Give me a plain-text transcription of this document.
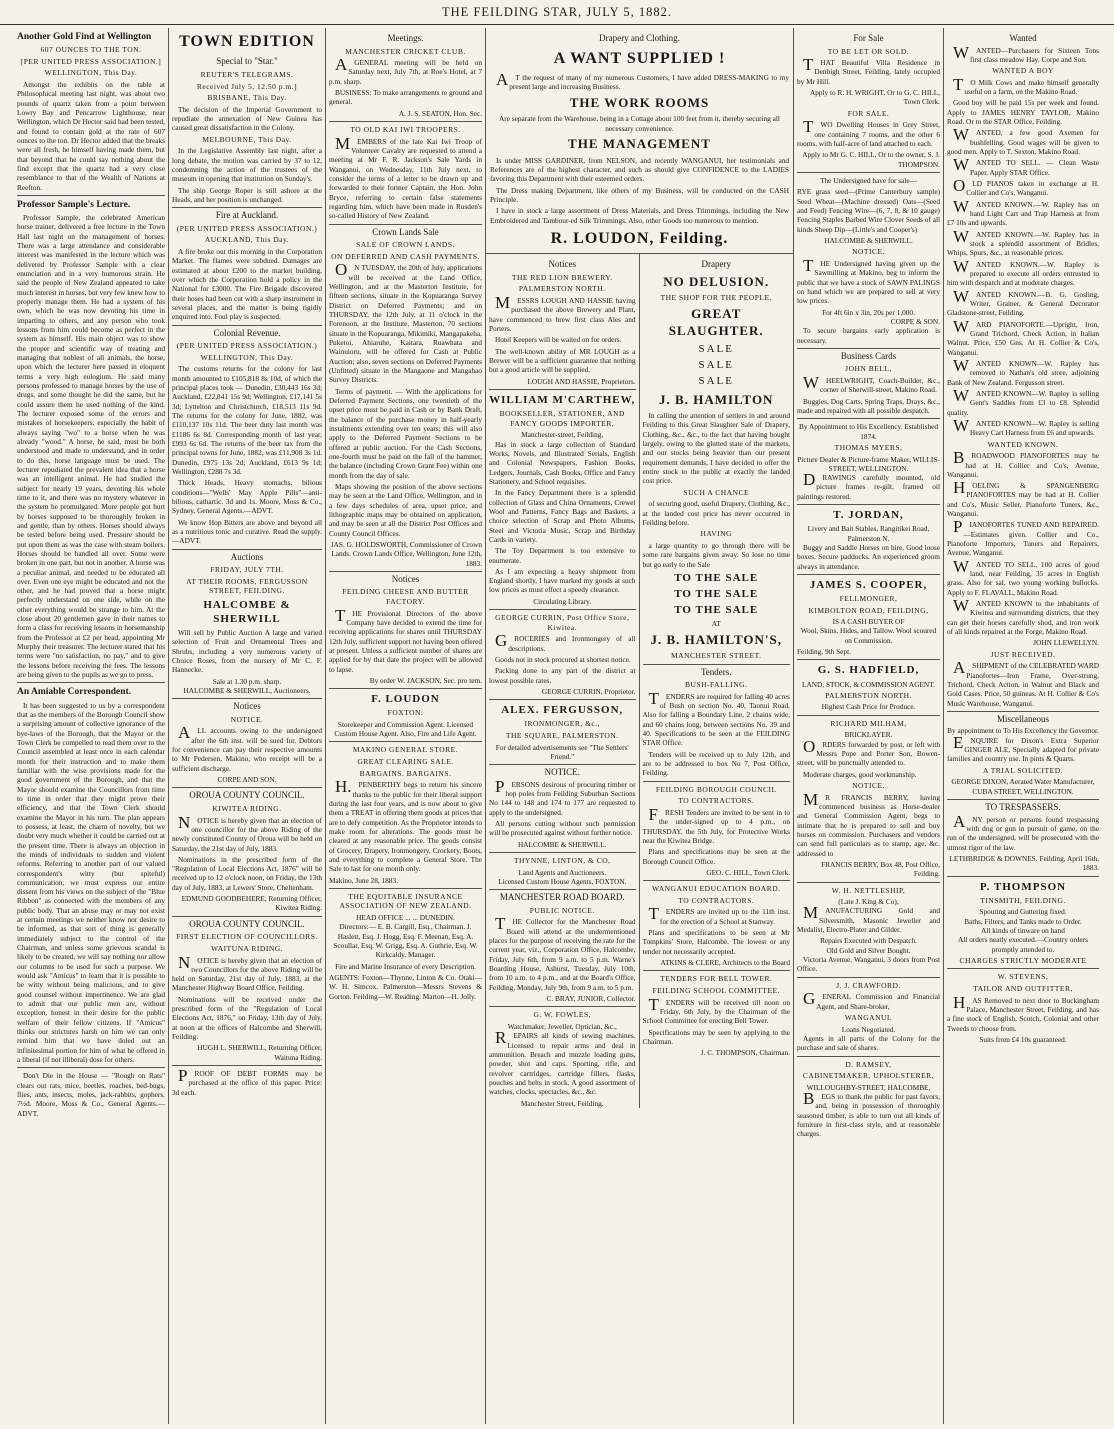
THE FEILDING STAR, JULY 5, 1882.
Another Gold Find at Wellington
607 OUNCES TO THE TON.
[PER UNITED PRESS ASSOCIATION.]
WELLINGTON, This Day.

Amongst the exhibits on the table at Philosophical meeting last night, was about two pounds of quartz taken from a point between Lowry Bay and Pencarrow Lighthouse, near Wellington, which Dr Hector said had been tested, and found to contain gold at the rate of 607 ounces to the ton. Dr Hector added that the breaks were all fresh, he himself having made them, but that beyond that he could say nothing about the find except that the quartz had a very close resemblance to that of the Wealth of Nations at Reefton.

Professor Sample's Lecture.

Professor Sample, the celebrated American horse trainer, delivered a free lecture in the Town Hall last night on the management of horses. There was a large attendance and considerable interest was manifested in the lecture which was delivered by Professor Sample with a clear enunciation and in a very humorous strain. He said the people of New Zealand appeared to take much interest in horses, but very few knew how to properly manage them. He had a system of his own, which he was now devoting his time in imparting to others, and any person who took lessons from him could become as perfect in the system as himself. His main object was to show the proper and scientific way of treating and managing that noblest of all animals, the horse, upon which the lecturer here passed in eloquent terms a very high eulogium. He said many persons professed to manage horses by the use of drugs, and some thought he did the same, but he could assure them he used nothing of the kind. The lecturer exposed some of the errors and mistakes of horsekeepers, especially the habit of always saying "wo" to a horse when he was already "wood." A horse, he said, must be both understood and made to understand, and in order to do this, horse language must be used. The lecturer repudiated the prevalent idea that a horse was an intelligent animal. He had studied the subject for nearly 19 years, devoting his whole time to it, and there was no mystery whatever in the system he promulgated. More people got hurt by horses supposed to be thoroughly broken in and gentle, than by others. Horses should always be tested before being used. Pressure should be put upon them as was the case with steam boilers. Horses should be handled all over. Some were broken in one part, but not in another. A horse was a peculiar animal, and needed to be educated all over. Even one eye might be educated and not the other, and he had proved that a horse might perfectly understand on one side, while on the other everything would be strange to him. At the close about 20 gentlemen gave in their names to form a class for receiving lessons in horsemanship from the Professor at £2 per head, appointing Mr Murphy their treasurer. The lecturer stated that his terms were "no satisfaction, no pay," and to give the lessons before receiving the fees. The lessons are being given to the pupils as we go to press.

An Amiable Correspondent.

It has been suggested to us by a correspondent that as the members of the Borough Council show a surprising amount of collective ignorance of the bye-laws of the Borough, that the Mayor or the Town Clerk be compelled to read them over to the Council assembled at least once in each calendar month for their instruction and to make them familiar with the wise provisions made for the good government of the Borough, and that the Mayor should examine the Councillors from time to time in order that they might prove their efficiency, and that the Town Clerk should examine the Mayor in his turn. The plan appears to possess, at least, the charm of novelty, but we doubt very much whether it could be carried out at the present time. There is always an objection in the minds of individuals to sudden and violent reforms. Referring to another part of our valued correspondent's witty (but spiteful) communication, we must express our entire dissent from his views on the subject of the "Blue Ribbon" as connected with the members of any public body. That an abuse may or may not exist at certain meetings we neither know nor desire to be informed, as that sort of thing is generally immediately subject to the control of the Chairman, and unless some grievous scandal is likely to be created, we will say nothing nor allow our columns to be used for such a purpose. We would ask "Amicus" to learn that it is possible to be witty without being malicious, and to give good counsel without impertinence. We are glad to admit that our public men are, without exception, honest in their desire for the public welfare of their fellow citizens. If "Amicus" thinks our strictures harsh on him we can only remind him that we have doled out an infinitesimal portion for him of what he offered in a liberal (if not illiberal) dose for others.

Don't Die in the House — "Rough on Rats" clears out rats, mice, beetles, roaches, bed-bugs, flies, ants, insects, moles, jack-rabbits, gophers. 7½d. Moore, Moss & Co., General Agents.—ADVT.

TOWN EDITION
Special to "Star."
REUTER'S TELEGRAMS.
Received July 5, 12.50 p.m.]
BRISBANE, This Day.

The decision of the Imperial Government to repudiate the annexation of New Guinea has caused great dissatisfaction in the Colony.

MELBOURNE, This Day.

In the Legislative Assembly last night, after a long debate, the motion was carried by 37 to 12, condemning the action of the trustees of the museum in opening that institution on Sunday's.

The ship George Roper is still ashore at the Heads, and her position is unchanged.

Fire at Auckland.
(PER UNITED PRESS ASSOCIATION.)
AUCKLAND, This Day.

A fire broke out this morning in the Corporation Market. The flames were subdued. Damages are estimated at about £200 to the market building, over which the Corporation hold a policy in the National for £3000. The Fire Brigade discovered their hoses had been cut with a sharp instrument in several places, and the matter is being rigidly enquired into. Foul play is suspected.

Colonial Revenue.
(PER UNITED PRESS ASSOCIATION.)
WELLINGTON, This Day.

The customs returns for the colony for last month amounted to £105,818 8s 10d, of which the principal places took — Dunedin, £30,443 16s 3d; Auckland, £22,841 15s 9d; Wellington, £17,141 5s 3d; Lyttelton and Christchurch, £18,513 11s 9d. The returns for the colony for June, 1882, was £110,137 10s 11d. The beer duty last month was £1186 6s 8d. Corresponding month of last year, £993 6s 6d. The returns of the beer tax from the principal towns for June, 1882, was £11,908 3s 1d. Dunedin, £975 13s 2d; Auckland, £613 9s 1d; Wellington, £288 7s 3d.

Thick Heads, Heavy stomachs, bilious conditions—"Wells' May Apple Pills"—anti-bilious, cathartic. 3d and 1s. Moore, Moss & Co., Sydney, General Agents.—ADVT.

We know Hop Bitters are above and beyond all as a nutritious tonic and curative. Read the supply.—ADVT.

Auctions
FRIDAY, JULY 7TH.
AT THEIR ROOMS, FERGUSSON STREET, FEILDING.
HALCOMBE & SHERWILL

Will sell by Public Auction A large and varied selection of Fruit and Ornamental Trees and Shrubs, including a very numerous variety of Choice Roses, from the nursery of Mr C. F. Hannecke.

Sale at 1.30 p.m. sharp.
HALCOMBE & SHERWILL, Auctioneers.
Notices
NOTICE.

ALL accounts owing to the undersigned after the 6th inst. will be sued for. Debtors for convenience can pay their respective amounts to Mr Pedersen, Makino, who receipt will be a sufficient discharge.

CORPE AND SON.
OROUA COUNTY COUNCIL.
KIWITEA RIDING.

NOTICE is hereby given that an election of one councillor for the above Riding of the newly constituted County of Oroua will be held on Saturday, the 21st day of July, 1883.

Nominations in the prescribed form of the "Regulation of Local Elections Act, 1876" will be received up to 12 o'clock noon, on Friday, the 13th day of July, 1883, at Lewers' Store, Cheltenham.

EDMUND GOODBEHERE, Returning Officer, Kiwitea Riding.
OROUA COUNTY COUNCIL.
FIRST ELECTION OF COUNCILLORS.
WAITUNA RIDING.

NOTICE is hereby given that an election of two Councillors for the above Riding will be held on Saturday, 21st day of July, 1883, at the Manchester Highway Board Office, Feilding.

Nominations will be received under the prescribed form of the "Regulation of Local Elections Act, 1876," on Friday, 13th day of July, at noon at the offices of Halcombe and Sherwill, Feilding.

HUGH L. SHERWILL, Returning Officer, Waituna Riding.

PROOF OF DEBT FORMS may be purchased at the office of this paper. Price: 3d each.

Meetings.
MANCHESTER CRICKET CLUB.

AGENERAL meeting will be held on Saturday next, July 7th, at Roe's Hotel, at 7 p.m. sharp.

BUSINESS: To make arrangements re ground and general.

A. J. S. SEATON, Hon. Sec.
TO OLD KAI IWI TROOPERS.

MEMBERS of the late Kai Iwi Troop of Volunteer Cavalry are requested to attend a meeting at Mr F. R. Jackson's Sale Yards in Wanganui, on Wednesday, 11th July next, to consider the terms of a letter to be drawn up and forwarded to their former Captain, the Hon. John Bryce, referring to certain false statements regarding him, which have been made in Rusden's so-called History of New Zealand.

Crown Lands Sale
SALE OF CROWN LANDS.
ON DEFERRED AND CASH PAYMENTS.

ON TUESDAY, the 20th of July, applications will be received at the Land Office, Wellington, and at the Masterton Institute, for fifteen sections, situate in the Kopuaranga Survey District on Deferred Payments; and on THURSDAY, the 12th July, at 11 o'clock in the Forenoon, at the Institute, Masterton, 70 sections situate in the Kopuaranga, Mikimiki, Mangapakeha, Puketoi, Ahiaruhe, Kaitara, Ruawhata and Wainuioru, will be offered for Cash at Public Auction; also, seven sections on Deferred Payments (Unfitted) situate in the Mangaone and Mangahao Survey Districts.

Terms of payment. — With the applications for Deferred Payment Sections, one twentieth of the upset price must be paid in Cash or by Bank Draft, the balance of the purchase money in half-yearly instalments extending over ten years; this will also apply to the Deferred Payment Sections to be offered at public auction. For the Cash Sections, one-fourth must be paid on the fall of the hammer, the balance (including Crown Grant Fee) within one month from the day of sale.

Maps showing the position of the above sections may be seen at the Land Office, Wellington, and in a few days schedules of area, upset price, and lithographic maps may be obtained on application, and may be seen at all the District Post Offices and County Council Offices.

JAS. G. HOLDSWORTH, Commissioner of Crown Lands. Crown Lands Office, Wellington, June 12th, 1883.
Notices
FEILDING CHEESE AND BUTTER FACTORY.

THE Provisional Directors of the above Company have decided to extend the time for receiving applications for shares until THURSDAY 12th July, sufficient support not having been offered at present. Unless a sufficient number of shares are applied for by that date the project will be allowed to lapse.

By order W. JACKSON, Sec. pro tem.
F. LOUDON
FOXTON.

Storekeeper and Commission Agent. Licensed Custom House Agent. Also, Fire and Life Agent.

MAKINO GENERAL STORE.
GREAT CLEARING SALE.
BARGAINS. BARGAINS.

H.PENBERTHY begs to return his sincere thanks to the public for their liberal support during the last four years, and is now about to give them a TREAT in offering them goods at prices that are to defy competition. As the Proprietor intends to make room for alterations. The goods must be cleared at any reasonable price. The goods consist of Grocery, Drapery, Ironmongery, Crockery, Boots, and everything to complete a General Store. The Sale to last for one month only.

Makino, June 28, 1883.
THE EQUITABLE INSURANCE ASSOCIATION OF NEW ZEALAND.
HEAD OFFICE ... ... DUNEDIN.

Directors:— E. B. Cargill, Esq., Chairman. J. Haslett, Esq. J. Hogg, Esq. F. Meenan, Esq. A. Scoullar, Esq. W. Grigg, Esq. A. Guthrie, Esq. W. Kirkcaldy, Manager.

Fire and Marine Insurance of every Description.

AGENTS: Foxton—Thynne, Linton & Co. Otaki—W. H. Simcox. Palmerston—Messrs Stevens & Gorton. Feilding—W. Reading. Marton—H. Jolly.

Drapery and Clothing.
A WANT SUPPLIED !

AT the request of many of my numerous Customers, I have added DRESS-MAKING to my present large and increasing Business.

THE WORK ROOMS

Are separate from the Warehouse, being in a Cottage about 100 feet from it, thereby securing all necessary convenience.

THE MANAGEMENT

Is under MISS GARDINER, from NELSON, and recently WANGANUI, her testimonials and References are of the highest character, and such as should give CONFIDENCE to the LADIES favoring this Department with their esteemed orders.

The Dress making Department, like others of my Business, will be conducted on the CASH Principle.

I have in stock a large assortment of Dress Materials, and Dress Trimmings, including the New Embroidered and Tambour-ed Silk Trimmings. Also, other Goods too numerous to mention.

R. LOUDON, Feilding.
Notices
THE RED LION BREWERY.
PALMERSTON NORTH.

MESSRS LOUGH AND HASSIE having purchased the above Brewery and Plant, have commenced to brew first class Ales and Porters.

Hotel Keepers will be waited on for orders.

The well-known ability of MR LOUGH as a Brewer will be a sufficient guarantee that nothing but a good article will be supplied.

LOUGH AND HASSIE, Proprietors.
WILLIAM M'CARTHEW,
BOOKSELLER, STATIONER, AND FANCY GOODS IMPORTER,
Manchester-street, Feilding,

Has in stock a large collection of Standard Works, Novels, and Illustrated Serials, English and Colonial Newspapers, Fashion Books, Ledgers, Journals, Cash Books, Office and Fancy Stationery, and School requisites.

In the Fancy Department there is a splendid collection of Glass and China Ornaments, Crewel Wool and Patterns, Fancy Bags and Baskets, a choice selection of Scrap and Photo Albums, Steel and Victoria Music, Scrap and Birthday Cards in variety.

The Toy Department is too extensive to enumerate.

As I am expecting a heavy shipment from England shortly, I have marked my goods at such low prices as must effect a speedy clearance.

Circulating Library.
GEORGE CURRIN, Post Office Store, Kiwitea.

GROCERIES and Ironmongery of all descriptions.

Goods not in stock procured at shortest notice.

Packing done to any part of the district at lowest possible rates.

GEORGE CURRIN, Proprietor.
ALEX. FERGUSSON,
IRONMONGER, &c.,
THE SQUARE, PALMERSTON.
For detailed advertisements see "The Settlers' Friend."
NOTICE.

PERSONS desirous of procuring timber or hop poles from Feilding Suburban Sections No 144 to 148 and 174 to 177 are requested to apply to the undersigned.

All persons cutting without such permission will be prosecuted against without further notice.

HALCOMBE & SHERWILL.
THYNNE, LINTON, & CO,
Land Agents and Auctioneers.
Licensed Custom House Agents, FOXTON.
MANCHESTER ROAD BOARD.
PUBLIC NOTICE.

THE Collector for the Manchester Road Board will attend at the undermentioned places for the purpose of receiving the rate for the current year, viz., Corporation Office, Halcombe, Friday, July 6th, from 9 a.m. to 5 p.m. Warne's Boarding House, Ashurst, Tuesday, July 10th, from 10 a.m. to 4 p.m., and at the Board's Office, Feilding, Monday, July 9th, from 9 a.m. to 5 p.m.

C. BRAY, JUNIOR, Collector.
G. W. FOWLES,
Watchmaker, Jeweller, Optician, &c.,

REPAIRS all kinds of sewing machines. Licensed to repair arms and deal in ammunition. Breach and muzzle loading guns, powder, shot and caps. Sporting, rifle, and revolver cartridges, cartridge fillers, flasks, pouches and belts in stock. A good assortment of watches, clocks, spectacles, &c., &c.

Manchester Street, Feilding.
Drapery
NO DELUSION.
THE SHOP FOR THE PEOPLE.
GREAT SLAUGHTER.
SALE
SALE
SALE
J. B. HAMILTON

In calling the attention of settlers in and around Feilding to this Great Slaughter Sale of Drapery, Clothing, &c., &c., to the fact that having bought largely, owing to the glutted state of the markets, and our stocks being heavier than our present requirement demands, I have decided to offer the entire stock to the public at exactly the landed cost price.

SUCH A CHANCE

of securing good, useful Drapery, Clothing, &c., at the landed cost price has never occurred in Feilding before.

HAVING

a large quantity to go through there will be some rare bargains given away. So lose no time but go early to the Sale

TO THE SALE
TO THE SALE
TO THE SALE
AT
J. B. HAMILTON'S,
MANCHESTER STREET.
Tenders.
BUSH-FALLING.

TENDERS are required for falling 40 acres of Bush on section No. 40, Taonui Road. Also for falling a Boundary Line, 2 chains wide, and 60 chains long, between sections No. 39 and 40. Specifications to be seen at the FEILDING STAR Office.

Tenders will be received up to July 12th, and are to be addressed to box No 7, Post Office, Feilding.

FEILDING BOROUGH COUNCIL
TO CONTRACTORS.

FRESH Tenders are invited to be sent in to the under-signed up to 4 p.m., on THURSDAY, the 5th July, for Protective Works near the Kiwitea Bridge.

Plans and specifications may be seen at the Borough Council Office.

GEO. C. HILL, Town Clerk.
WANGANUI EDUCATION BOARD.
TO CONTRACTORS.

TENDERS are invited up to the 11th inst. for the erection of a School at Stanway.

Plans and specifications to be seen at Mr Tompkins' Store, Halcombe. The lowest or any tender not necessarily accepted.

ATKINS & CLERE, Architects to the Board
TENDERS FOR BELL TOWER.
FEILDING SCHOOL COMMITTEE.

TENDERS will be received till noon on Friday, 6th July, by the Chairman of the School Committee for erecting Bell Tower.

Specifications may be seen by applying to the Chairman.

J. C. THOMPSON, Chairman.
For Sale
TO BE LET OR SOLD.

THAT Beautiful Villa Residence in Denbigh Street, Feilding, lately occupied by Mr Hill.

Apply to R. H. WRIGHT, Or to G. C. HILL, Town Clerk.
FOR SALE.

TWO Dwelling Houses in Grey Street, one containing 7 rooms, and the other 6 rooms, with half-acre of land attached to each.

Apply to Mr G. C. HILL, Or to the owner, S. J. THOMPSON.

The Undersigned have for sale—

RYE grass seed—(Prime Canterbury sample) Seed Wheat—(Machine dressed) Oats—(Seed and Feed) Fencing Wire—(6, 7, 8, & 10 gauge) Fencing Staples Barbed Wire Clover Seeds of all kinds Sheep Dip—(Little's and Cooper's)

HALCOMBE & SHERWILL.
NOTICE.

THE Undersigned having given up the Sawmilling at Makino, beg to inform the public that we have a stock of SAWN PALINGS on hand which we are prepared to sell at very low prices.

For 4ft 6in x 3in, 20s per 1,000.
CORPE & SON.

To secure bargains early application is necessary.

Business Cards
JOHN BELL,

WHEELWRIGHT, Coach-Builder, &c., corner of Sherwill-street, Makino Road.

Buggies, Dog Carts, Spring Traps, Drays, &c., made and repaired with all possible despatch.

By Appointment to His Excellency. Established 1874.
THOMAS MYERS,
Picture Dealer & Picture-frame Maker, WILLIS-STREET, WELLINGTON.

DRAWINGS carefully mounted, old picture frames re-gilt, framed oil paintings restored.

T. JORDAN,
Livery and Bait Stables, Rangitikei Road, Palmerston N.

Buggy and Saddle Horses on hire. Good loose boxes. Secure paddocks. An experienced groom always in attendance.

JAMES S. COOPER,
FELLMONGER,
KIMBOLTON ROAD, FEILDING,
IS A CASH BUYER OF

Wool, Skins, Hides, and Tallow. Wool scoured on Commission.

Feilding, 9th Sept.
G. S. HADFIELD,
LAND, STOCK, & COMMISSION AGENT.
PALMERSTON NORTH.
Highest Cash Price for Produce.
RICHARD MILHAM,
BRICKLAYER.

ORDERS forwarded by post, or left with Messrs Pope and Porter Son, Bowen-street, will be punctually attended to.

Moderate charges, good workmanship.

NOTICE.

MR FRANCIS BERRY, having commenced business as Horse-dealer and General Commission Agent, begs to intimate that he is prepared to sell and buy horses on commission. Purchasers and vendors can send full particulars as to stamp, age, &c. addressed to

FRANCIS BERRY, Box 48, Post Office, Feilding.
W. H. NETTLESHIP,
(Late J. King & Co),

MANUFACTURING Gold and Silversmith, Masonic Jeweller and Medalist, Electro-Plater and Gilder.

Repairs Executed with Despatch.
Old Gold and Silver Bought.

Victoria Avenue, Wanganui, 3 doors from Post Office.

J. J. CRAWFORD.

GENERAL Commission and Financial Agent, and Share-broker,

WANGANUI.
Loans Negotiated.

Agents in all parts of the Colony for the purchase and sale of shares.

D. RAMSEY,
CABINETMAKER, UPHOLSTERER,
WILLOUGHBY-STREET, HALCOMBE,

BEGS to thank the public for past favors, and, being in possession of thoroughly seasoned timber, is able to turn out all kinds of furniture in first-class style, and at reasonable charges.

Wanted

WANTED—Purchasers for Sixteen Tons first class meadow Hay. Corpe and Son.

WANTED A BOY

TO Milk Cows and make himself generally useful on a farm, on the Makino Road.

Good boy will be paid 15s per week and found. Apply to JAMES HENRY TAYLOR, Makino Road. Or to the STAR Office, Feilding.

WANTED, a few good Axemen for bushfelling. Good wages will be given to good men. Apply to T. Sexton, Makino Road.

WANTED TO SELL. — Clean Waste Paper. Apply STAR Office.

OLD PIANOS taken in exchange at H. Collier and Co's, Wanganui.

WANTED KNOWN.—W. Rapley has on hand Light Cart and Trap Harness at from £7 10s and upwards.

WANTED KNOWN.—W. Rapley has in stock a splendid assortment of Bridles, Whips, Spurs, &c., at reasonable prices.

WANTED KNOWN.—W. Rapley is prepared to execute all orders entrusted to him with despatch and at moderate charges.

WANTED KNOWN.—B. G. Gosling, Writer, Grainer, & General Decorator Gladstone-street, Feilding.

WARD PIANOFORTE.—Upright, Iron, Grand Trichord, Check Action, in Italian Walnut. Price, £50 Gns. At H. Collier & Co's, Wanganui.

WANTED KNOWN—W. Rapley has removed to Nathan's old store, adjoining Bank of New Zealand. Fergusson street.

WANTED KNOWN—W. Rapley is selling Gent's Saddles from £3 to £8. Splendid quality.

WANTED KNOWN—W. Rapley is selling Heavy Cart Harness from £6 and upwards.

WANTED KNOWN.

BROADWOOD PIANOFORTES may be had at H. Collier and Co's, Avenue, Wanganui.

HOELING & SPANGENBERG PIANOFORTES may be had at H. Collier and Co's, Music Seller, Pianoforte Tuners, &c., Wanganui.

PIANOFORTES TUNED AND REPAIRED.—Estimates given. Collier and Co., Pianoforte Importers, Tuners and Repairers, Avenue, Wanganui.

WANTED TO SELL, 100 acres of good land, near Feilding, 35 acres in English grass. Also for sal, two young working bullocks. Apply to F. FLAVALL, Makino Road.

WANTED KNOWN to the inhabitants of Kiwitea and surrounding districts, that they can get their horses carefully shod, and iron work of all kinds repaired at the Forge, Makino Road.

JOHN LLEWELLYN.
JUST RECEIVED.

ASHIPMENT of the CELEBRATED WARD Pianofortes—Iron Frame, Over-strung, Trichord, Check Action, in Walnut and Black and Gold Cases. Price, 50 guineas. At H. Collier & Co's Music Warehouse, Wanganui.

Miscellaneous
By appointment to To His Excellency the Governor.

ENQUIRE for Dixon's Extra Superior GINGER ALE, Specially adapted for private families and country use. In pints & Quarts.

A TRIAL SOLICITED.
GEORGE DIXON, Aerated Water Manufacturer, CUBA STREET, WELLINGTON.
TO TRESPASSERS.

ANY person or persons found trespassing with dog or gun in pursuit of game, on the run of the undersigned, will be prosecuted with the utmost rigor of the law.

LETHBRIDGE & DOWNES. Feilding, April 16th, 1883.
P. THOMPSON
TINSMITH, FEILDING.
Spouting and Guttering fixed.
Baths, Filters, and Tanks made to Order.
All kinds of tinware on hand
All orders neatly executed.—Country orders promptly attended to.
CHARGES STRICTLY MODERATE
W. STEVENS,
TAILOR AND OUTFITTER,

HAS Removed to next door to Buckingham Palace, Manchester Street, Feilding, and has a fine stock of English, Scotch, Colonial and other Tweeds to choose from.

Suits from £4 10s guaranteed.
